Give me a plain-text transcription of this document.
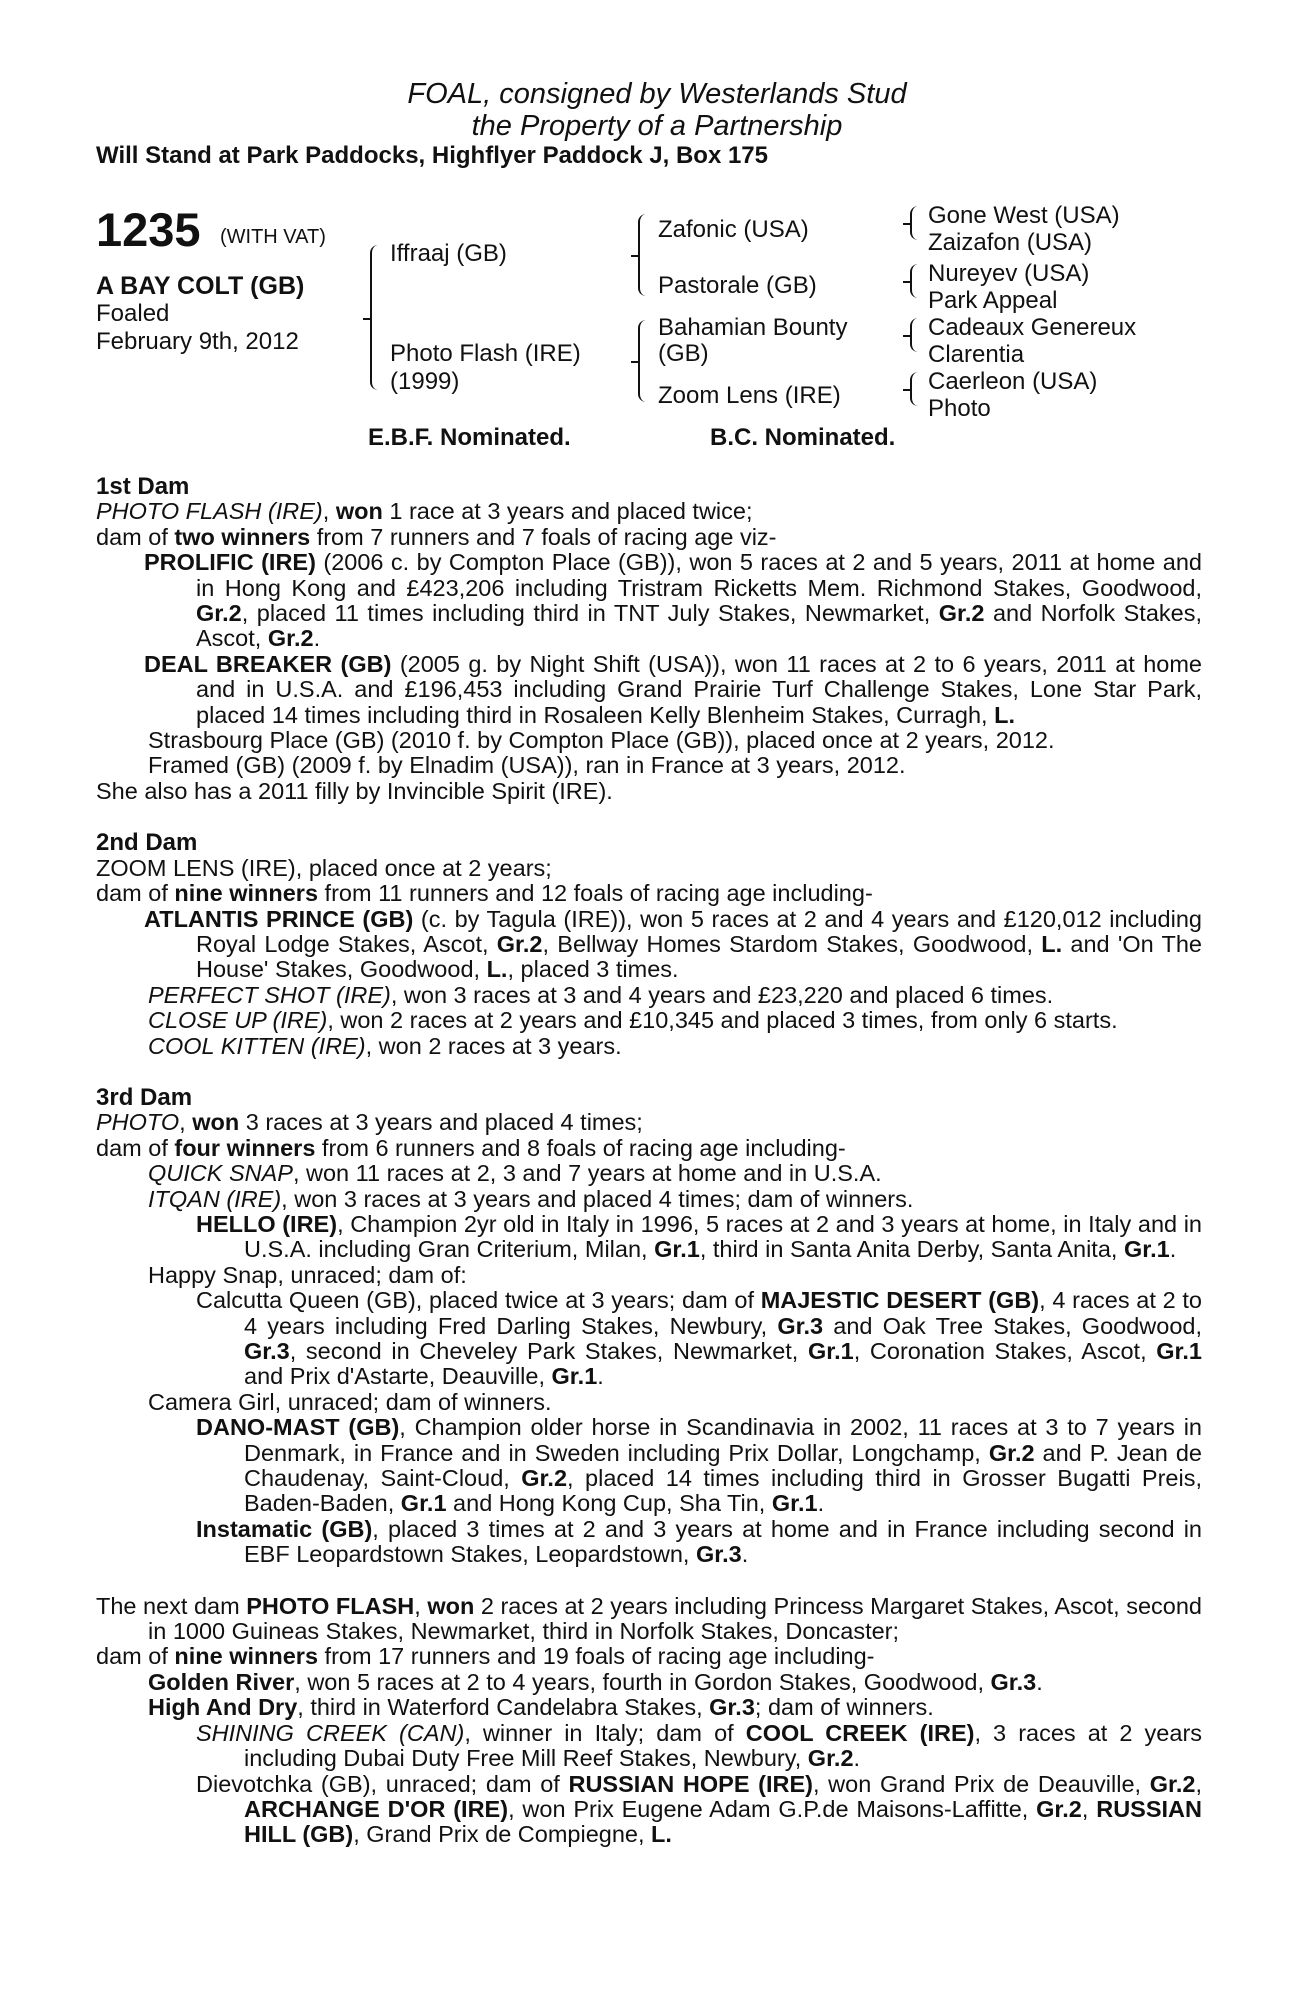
FOAL, consigned by Westerlands Stud
the Property of a Partnership
Will Stand at Park Paddocks, Highflyer Paddock J, Box 175
1235 (WITH VAT)
A BAY COLT (GB)
Foaled
February 9th, 2012
Iffraaj (GB)
Photo Flash (IRE)
(1999)
Zafonic (USA)
Pastorale (GB)
Bahamian Bounty
(GB)
Zoom Lens (IRE)
Gone West (USA)
Zaizafon (USA)
Nureyev (USA)
Park Appeal
Cadeaux Genereux
Clarentia
Caerleon (USA)
Photo
E.B.F. Nominated.	B.C. Nominated.

1st Dam

PHOTO FLASH (IRE), won 1 race at 3 years and placed twice;

dam of two winners from 7 runners and 7 foals of racing age viz-

PROLIFIC (IRE) (2006 c. by Compton Place (GB)), won 5 races at 2 and 5 years, 2011 at home and in Hong Kong and £423,206 including Tristram Ricketts Mem. Richmond Stakes, Goodwood, Gr.2, placed 11 times including third in TNT July Stakes, Newmarket, Gr.2 and Norfolk Stakes, Ascot, Gr.2.

DEAL BREAKER (GB) (2005 g. by Night Shift (USA)), won 11 races at 2 to 6 years, 2011 at home and in U.S.A. and £196,453 including Grand Prairie Turf Challenge Stakes, Lone Star Park, placed 14 times including third in Rosaleen Kelly Blenheim Stakes, Curragh, L.

Strasbourg Place (GB) (2010 f. by Compton Place (GB)), placed once at 2 years, 2012.

Framed (GB) (2009 f. by Elnadim (USA)), ran in France at 3 years, 2012.

She also has a 2011 filly by Invincible Spirit (IRE).

2nd Dam

ZOOM LENS (IRE), placed once at 2 years;

dam of nine winners from 11 runners and 12 foals of racing age including-

ATLANTIS PRINCE (GB) (c. by Tagula (IRE)), won 5 races at 2 and 4 years and £120,012 including Royal Lodge Stakes, Ascot, Gr.2, Bellway Homes Stardom Stakes, Goodwood, L. and 'On The House' Stakes, Goodwood, L., placed 3 times.

PERFECT SHOT (IRE), won 3 races at 3 and 4 years and £23,220 and placed 6 times.

CLOSE UP (IRE), won 2 races at 2 years and £10,345 and placed 3 times, from only 6 starts.

COOL KITTEN (IRE), won 2 races at 3 years.

3rd Dam

PHOTO, won 3 races at 3 years and placed 4 times;

dam of four winners from 6 runners and 8 foals of racing age including-

QUICK SNAP, won 11 races at 2, 3 and 7 years at home and in U.S.A.

ITQAN (IRE), won 3 races at 3 years and placed 4 times; dam of winners.

HELLO (IRE), Champion 2yr old in Italy in 1996, 5 races at 2 and 3 years at home, in Italy and in U.S.A. including Gran Criterium, Milan, Gr.1, third in Santa Anita Derby, Santa Anita, Gr.1.

Happy Snap, unraced; dam of:

Calcutta Queen (GB), placed twice at 3 years; dam of MAJESTIC DESERT (GB), 4 races at 2 to 4 years including Fred Darling Stakes, Newbury, Gr.3 and Oak Tree Stakes, Goodwood, Gr.3, second in Cheveley Park Stakes, Newmarket, Gr.1, Coronation Stakes, Ascot, Gr.1 and Prix d'Astarte, Deauville, Gr.1.

Camera Girl, unraced; dam of winners.

DANO-MAST (GB), Champion older horse in Scandinavia in 2002, 11 races at 3 to 7 years in Denmark, in France and in Sweden including Prix Dollar, Longchamp, Gr.2 and P. Jean de Chaudenay, Saint-Cloud, Gr.2, placed 14 times including third in Grosser Bugatti Preis, Baden-Baden, Gr.1 and Hong Kong Cup, Sha Tin, Gr.1.

Instamatic (GB), placed 3 times at 2 and 3 years at home and in France including second in EBF Leopardstown Stakes, Leopardstown, Gr.3.

The next dam PHOTO FLASH, won 2 races at 2 years including Princess Margaret Stakes, Ascot, second in 1000 Guineas Stakes, Newmarket, third in Norfolk Stakes, Doncaster;

dam of nine winners from 17 runners and 19 foals of racing age including-

Golden River, won 5 races at 2 to 4 years, fourth in Gordon Stakes, Goodwood, Gr.3.

High And Dry, third in Waterford Candelabra Stakes, Gr.3; dam of winners.

SHINING CREEK (CAN), winner in Italy; dam of COOL CREEK (IRE), 3 races at 2 years including Dubai Duty Free Mill Reef Stakes, Newbury, Gr.2.

Dievotchka (GB), unraced; dam of RUSSIAN HOPE (IRE), won Grand Prix de Deauville, Gr.2, ARCHANGE D'OR (IRE), won Prix Eugene Adam G.P.de Maisons-Laffitte, Gr.2, RUSSIAN HILL (GB), Grand Prix de Compiegne, L.
